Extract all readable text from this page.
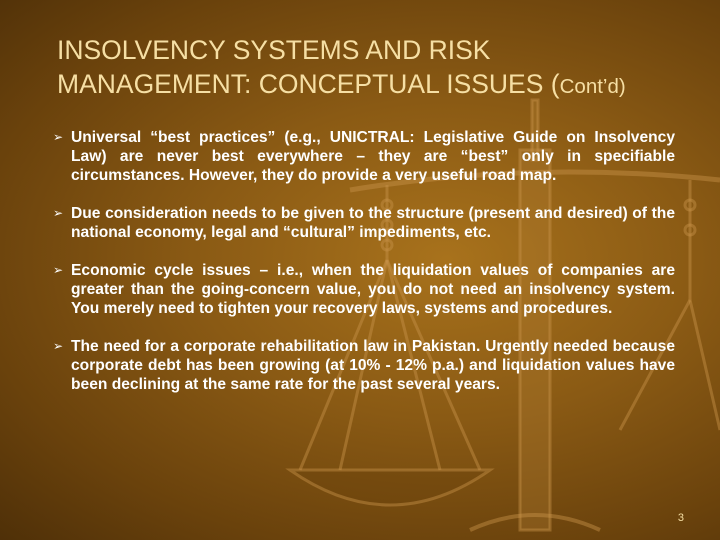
INSOLVENCY SYSTEMS AND RISK
MANAGEMENT: CONCEPTUAL ISSUES (Cont’d)
➢ Universal “best practices” (e.g., UNICTRAL: Legislative Guide on Insolvency Law) are never best everywhere – they are “best” only in specifiable circumstances. However, they do provide a very useful road map.
➢ Due consideration needs to be given to the structure (present and desired) of the national economy, legal and “cultural” impediments, etc.
➢ Economic cycle issues – i.e., when the liquidation values of companies are greater than the going-concern value, you do not need an insolvency system. You merely need to tighten your recovery laws, systems and procedures.
➢ The need for a corporate rehabilitation law in Pakistan. Urgently needed because corporate debt has been growing (at 10% - 12% p.a.) and liquidation values have been declining at the same rate for the past several years.
3
